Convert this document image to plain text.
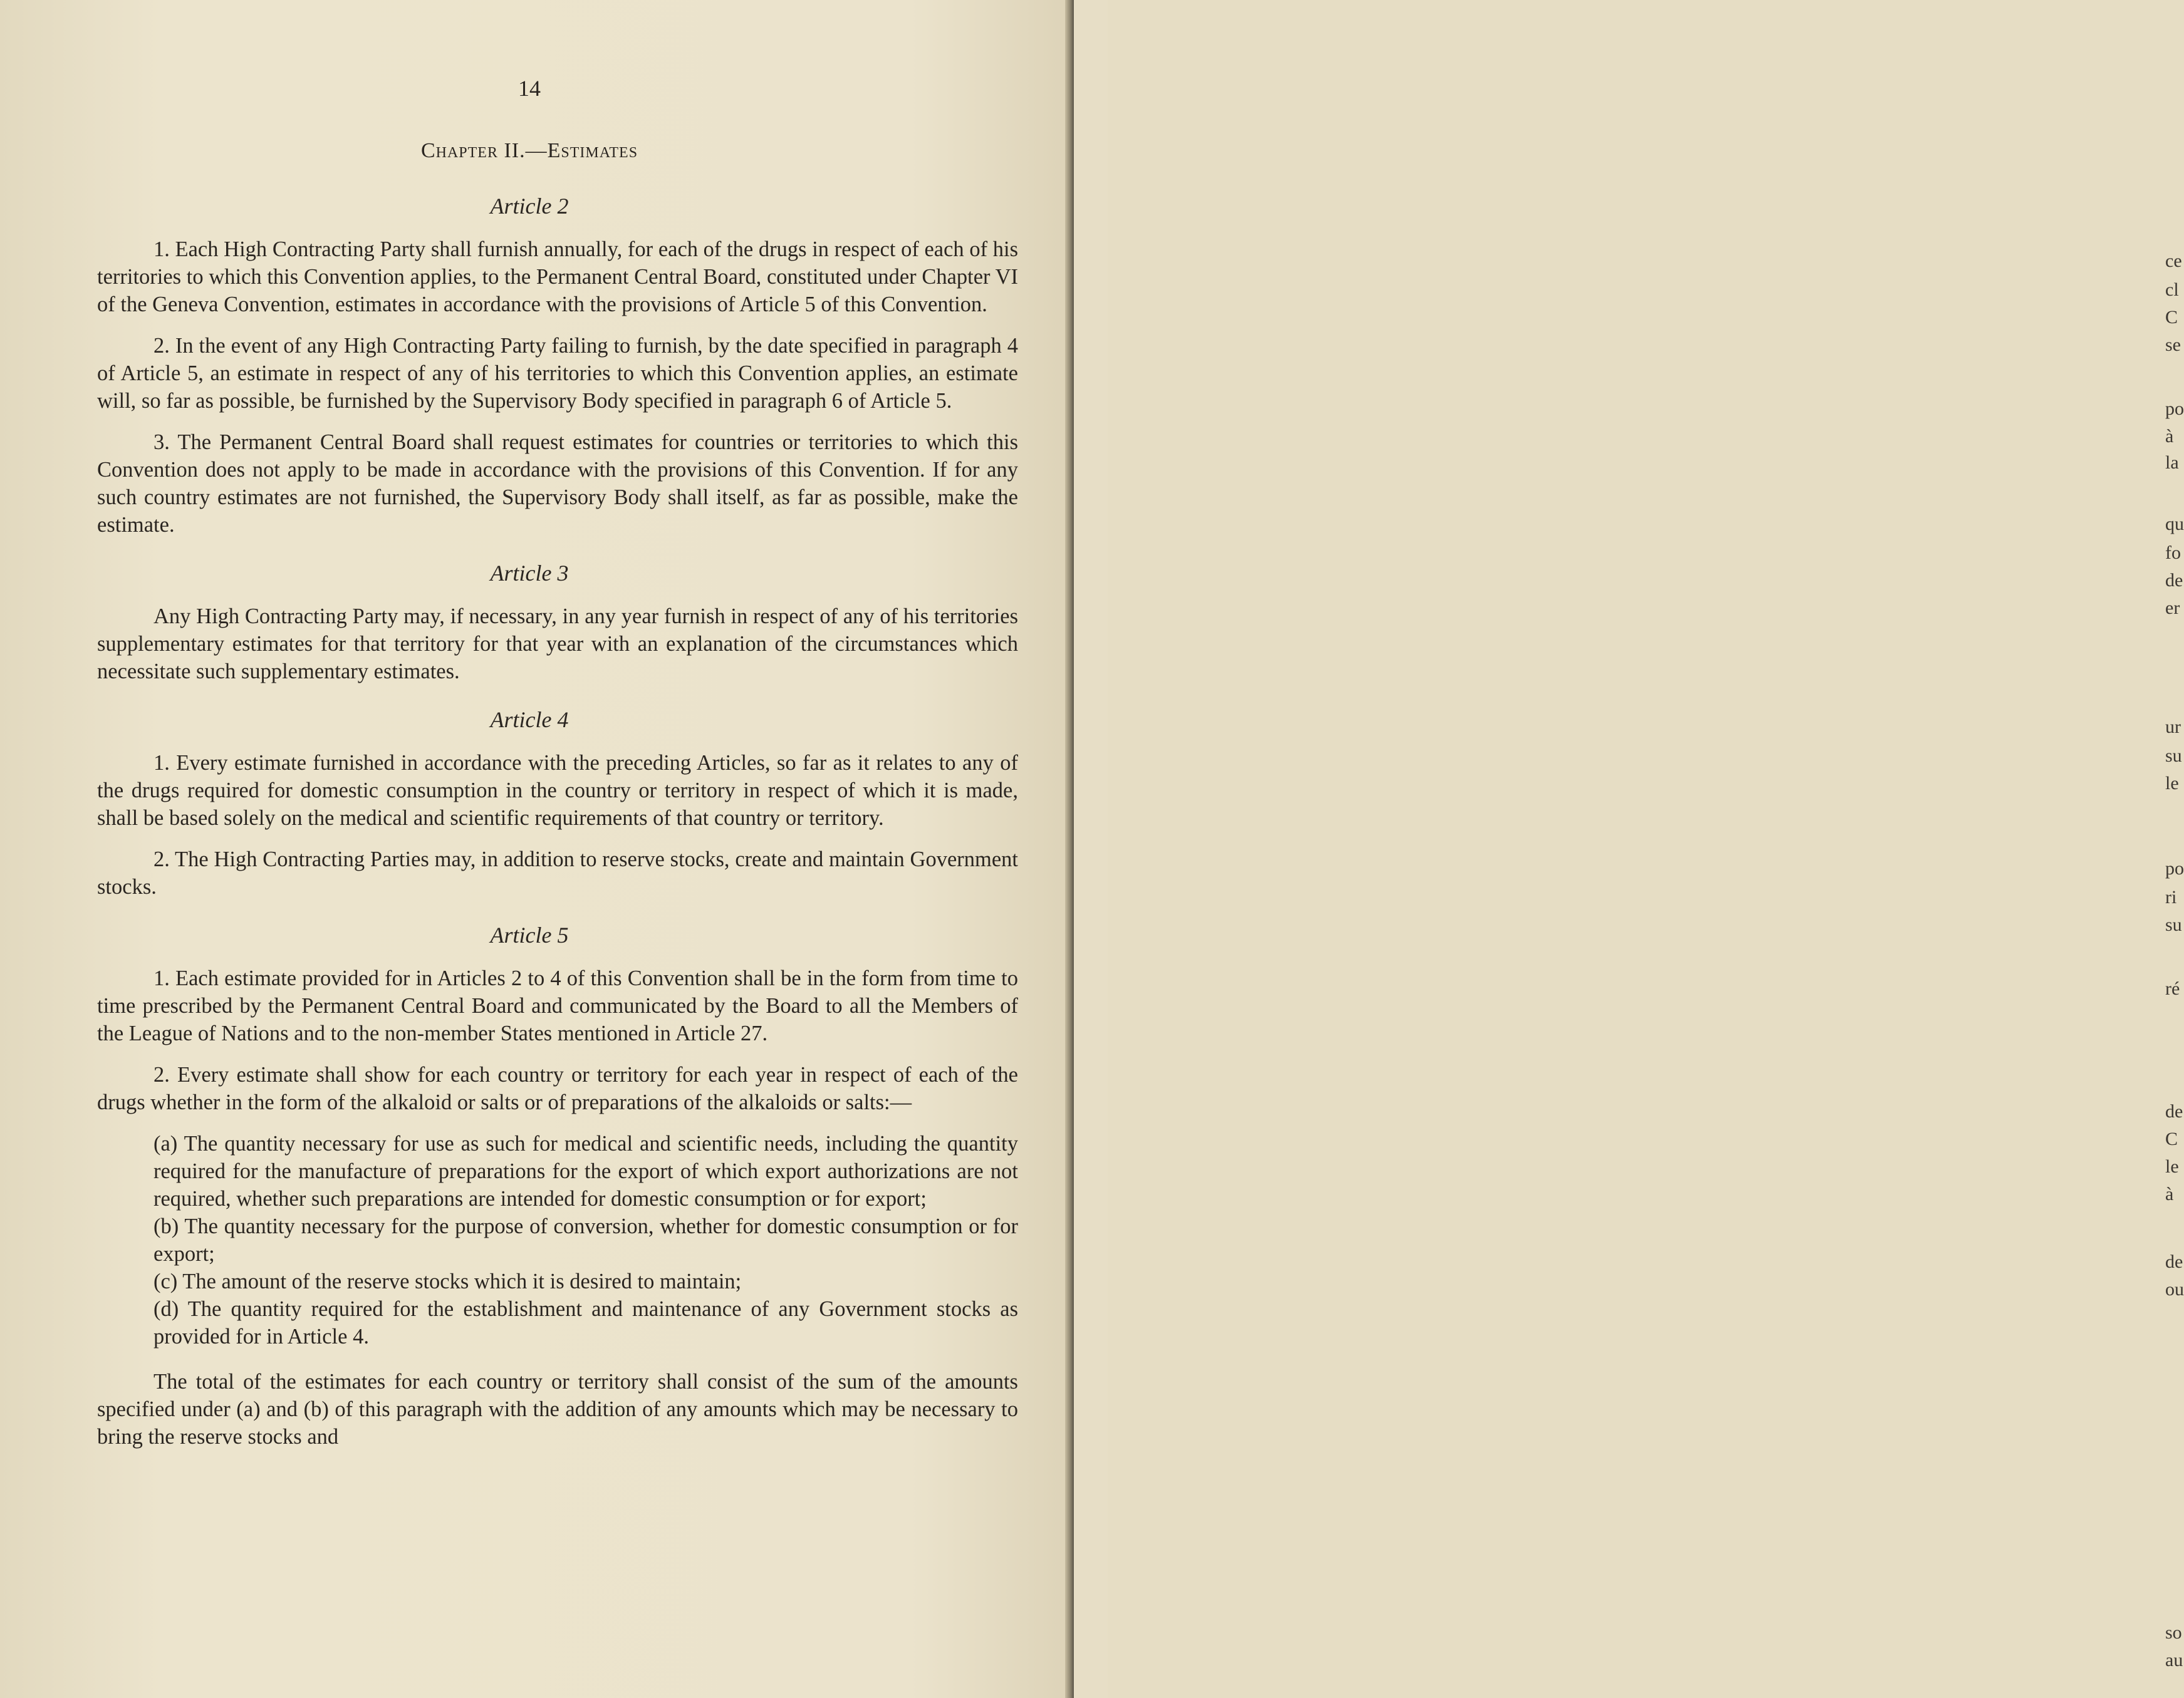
ce
cl
C
se
po
à
la
qu
fo
de
er
ur
su
le
po
ri
su
ré
de
C
le
à
de
ou
so
au
14
Chapter II.—Estimates
Article 2

1. Each High Contracting Party shall furnish annually, for each of the drugs in respect of each of his territories to which this Convention applies, to the Permanent Central Board, constituted under Chapter VI of the Geneva Convention, estimates in accordance with the provisions of Article 5 of this Convention.

2. In the event of any High Contracting Party failing to furnish, by the date specified in paragraph 4 of Article 5, an estimate in respect of any of his territories to which this Convention applies, an estimate will, so far as possible, be furnished by the Supervisory Body specified in paragraph 6 of Article 5.

3. The Permanent Central Board shall request estimates for countries or territories to which this Convention does not apply to be made in accordance with the provisions of this Convention. If for any such country estimates are not furnished, the Supervisory Body shall itself, as far as possible, make the estimate.

Article 3

Any High Contracting Party may, if necessary, in any year furnish in respect of any of his territories supplementary estimates for that territory for that year with an explanation of the circumstances which necessitate such supplementary estimates.

Article 4

1. Every estimate furnished in accordance with the preceding Articles, so far as it relates to any of the drugs required for domestic consumption in the country or territory in respect of which it is made, shall be based solely on the medical and scientific requirements of that country or territory.

2. The High Contracting Parties may, in addition to reserve stocks, create and maintain Government stocks.

Article 5

1. Each estimate provided for in Articles 2 to 4 of this Convention shall be in the form from time to time prescribed by the Permanent Central Board and communicated by the Board to all the Members of the League of Nations and to the non-member States mentioned in Article 27.

2. Every estimate shall show for each country or territory for each year in respect of each of the drugs whether in the form of the alkaloid or salts or of preparations of the alkaloids or salts:—

(a) The quantity necessary for use as such for medical and scientific needs, including the quantity required for the manufacture of preparations for the export of which export authorizations are not required, whether such preparations are intended for domestic consumption or for export;

(b) The quantity necessary for the purpose of conversion, whether for domestic consumption or for export;

(c) The amount of the reserve stocks which it is desired to maintain;

(d) The quantity required for the establishment and maintenance of any Government stocks as provided for in Article 4.

The total of the estimates for each country or territory shall consist of the sum of the amounts specified under (a) and (b) of this paragraph with the addition of any amounts which may be necessary to bring the reserve stocks and
